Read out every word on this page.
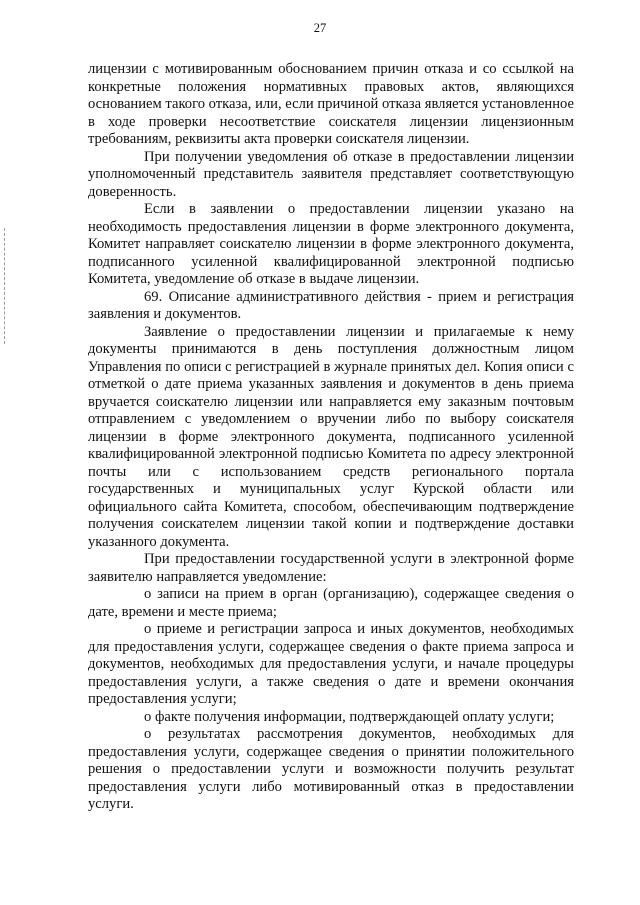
27

лицензии с мотивированным обоснованием причин отказа и со ссылкой на конкретные положения нормативных правовых актов, являющихся основанием такого отказа, или, если причиной отказа является установленное в ходе проверки несоответствие соискателя лицензии лицензионным требованиям, реквизиты акта проверки соискателя лицензии.

При получении уведомления об отказе в предоставлении лицензии уполномоченный представитель заявителя представляет соответствующую доверенность.

Если в заявлении о предоставлении лицензии указано на необходимость предоставления лицензии в форме электронного документа, Комитет направляет соискателю лицензии в форме электронного документа, подписанного усиленной квалифицированной электронной подписью Комитета, уведомление об отказе в выдаче лицензии.

69. Описание административного действия - прием и регистрация заявления и документов.

Заявление о предоставлении лицензии и прилагаемые к нему документы принимаются в день поступления должностным лицом Управления по описи с регистрацией в журнале принятых дел. Копия описи с отметкой о дате приема указанных заявления и документов в день приема вручается соискателю лицензии или направляется ему заказным почтовым отправлением с уведомлением о вручении либо по выбору соискателя лицензии в форме электронного документа, подписанного усиленной квалифицированной электронной подписью Комитета по адресу электронной почты или с использованием средств регионального портала государственных и муниципальных услуг Курской области или официального сайта Комитета, способом, обеспечивающим подтверждение получения соискателем лицензии такой копии и подтверждение доставки указанного документа.

При предоставлении государственной услуги в электронной форме заявителю направляется уведомление:

о записи на прием в орган (организацию), содержащее сведения о дате, времени и месте приема;

о приеме и регистрации запроса и иных документов, необходимых для предоставления услуги, содержащее сведения о факте приема запроса и документов, необходимых для предоставления услуги, и начале процедуры предоставления услуги, а также сведения о дате и времени окончания предоставления услуги;

о факте получения информации, подтверждающей оплату услуги;

о результатах рассмотрения документов, необходимых для предоставления услуги, содержащее сведения о принятии положительного решения о предоставлении услуги и возможности получить результат предоставления услуги либо мотивированный отказ в предоставлении услуги.
